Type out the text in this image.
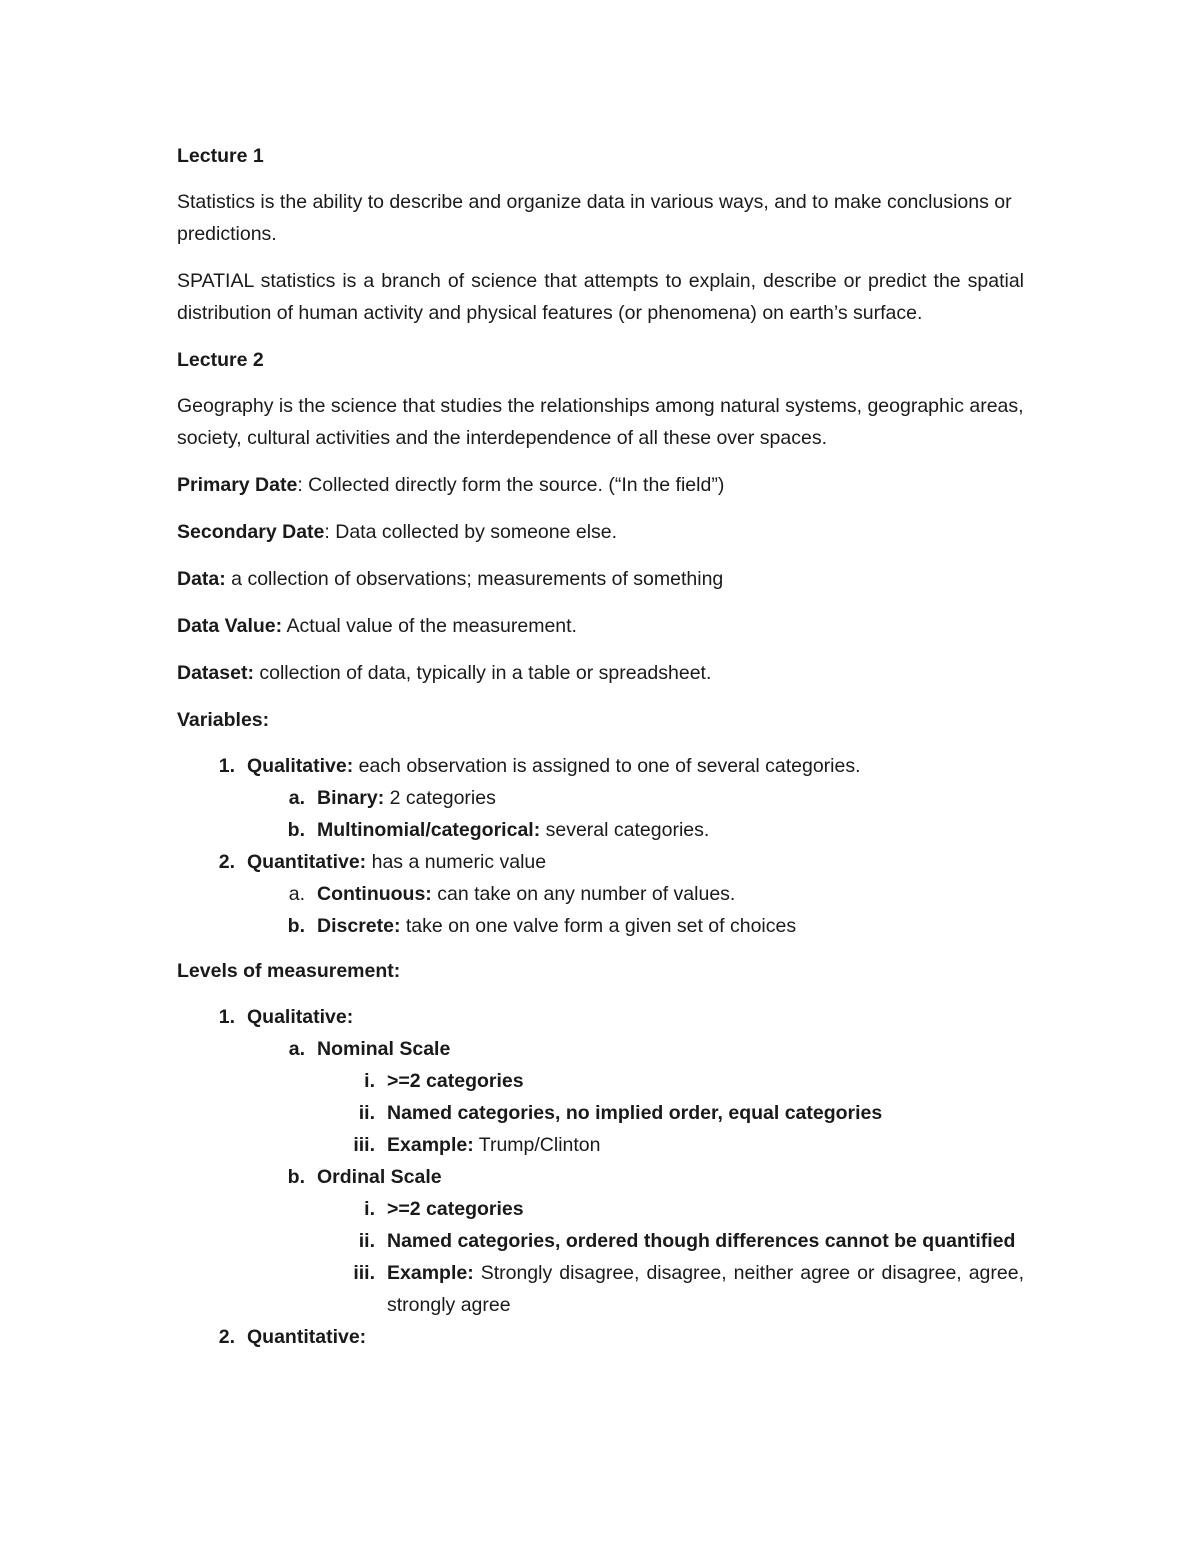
Lecture 1
Statistics is the ability to describe and organize data in various ways, and to make conclusions or predictions.
SPATIAL statistics is a branch of science that attempts to explain, describe or predict the spatial distribution of human activity and physical features (or phenomena) on earth’s surface.
Lecture 2
Geography is the science that studies the relationships among natural systems, geographic areas, society, cultural activities and the interdependence of all these over spaces.
Primary Date: Collected directly form the source. (“In the field”)
Secondary Date: Data collected by someone else.
Data: a collection of observations; measurements of something
Data Value: Actual value of the measurement.
Dataset: collection of data, typically in a table or spreadsheet.
Variables:
1. Qualitative: each observation is assigned to one of several categories.
a. Binary: 2 categories
b. Multinomial/categorical: several categories.
2. Quantitative: has a numeric value
a. Continuous: can take on any number of values.
b. Discrete: take on one valve form a given set of choices
Levels of measurement:
1. Qualitative:
a. Nominal Scale
i. >=2 categories
ii. Named categories, no implied order, equal categories
iii. Example: Trump/Clinton
b. Ordinal Scale
i. >=2 categories
ii. Named categories, ordered though differences cannot be quantified
iii. Example: Strongly disagree, disagree, neither agree or disagree, agree, strongly agree
2. Quantitative:
